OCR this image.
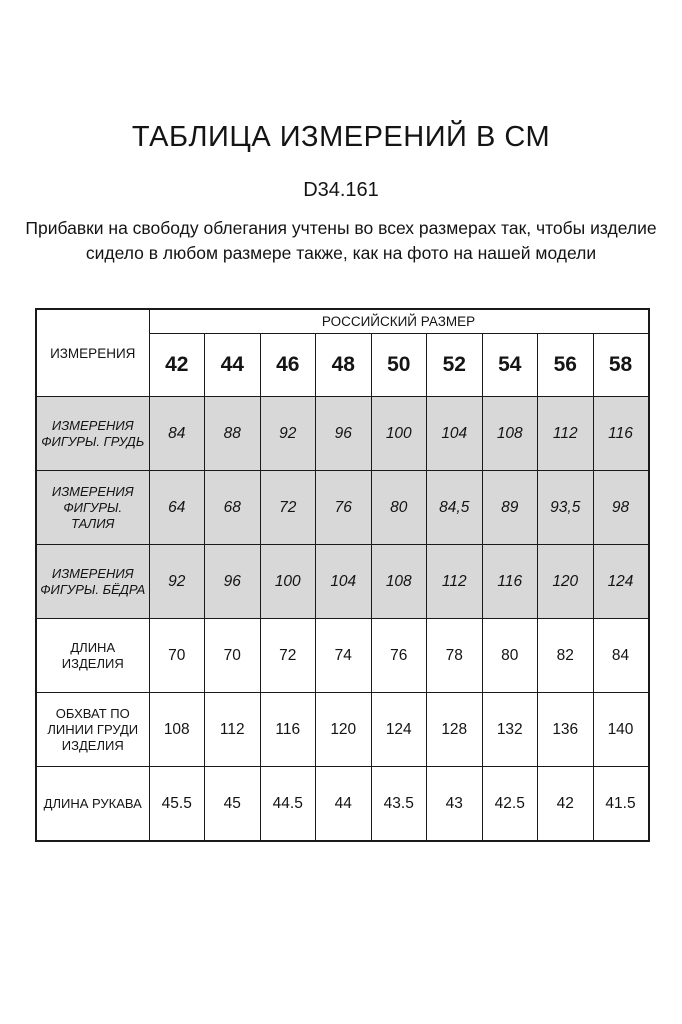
ТАБЛИЦА ИЗМЕРЕНИЙ В СМ
D34.161

Прибавки на свободу облегания учтены во всех размерах так, чтобы изделие сидело в любом размере также, как на фото на нашей модели

ИЗМЕРЕНИЯ	РОССИЙСКИЙ РАЗМЕР								
	42	44	46	48	50	52	54	56	58
ИЗМЕРЕНИЯ ФИГУРЫ. ГРУДЬ	84	88	92	96	100	104	108	112	116
ИЗМЕРЕНИЯ ФИГУРЫ. ТАЛИЯ	64	68	72	76	80	84,5	89	93,5	98
ИЗМЕРЕНИЯ ФИГУРЫ. БЁДРА	92	96	100	104	108	112	116	120	124
ДЛИНА ИЗДЕЛИЯ	70	70	72	74	76	78	80	82	84
ОБХВАТ ПО ЛИНИИ ГРУДИ ИЗДЕЛИЯ	108	112	116	120	124	128	132	136	140
ДЛИНА РУКАВА	45.5	45	44.5	44	43.5	43	42.5	42	41.5
